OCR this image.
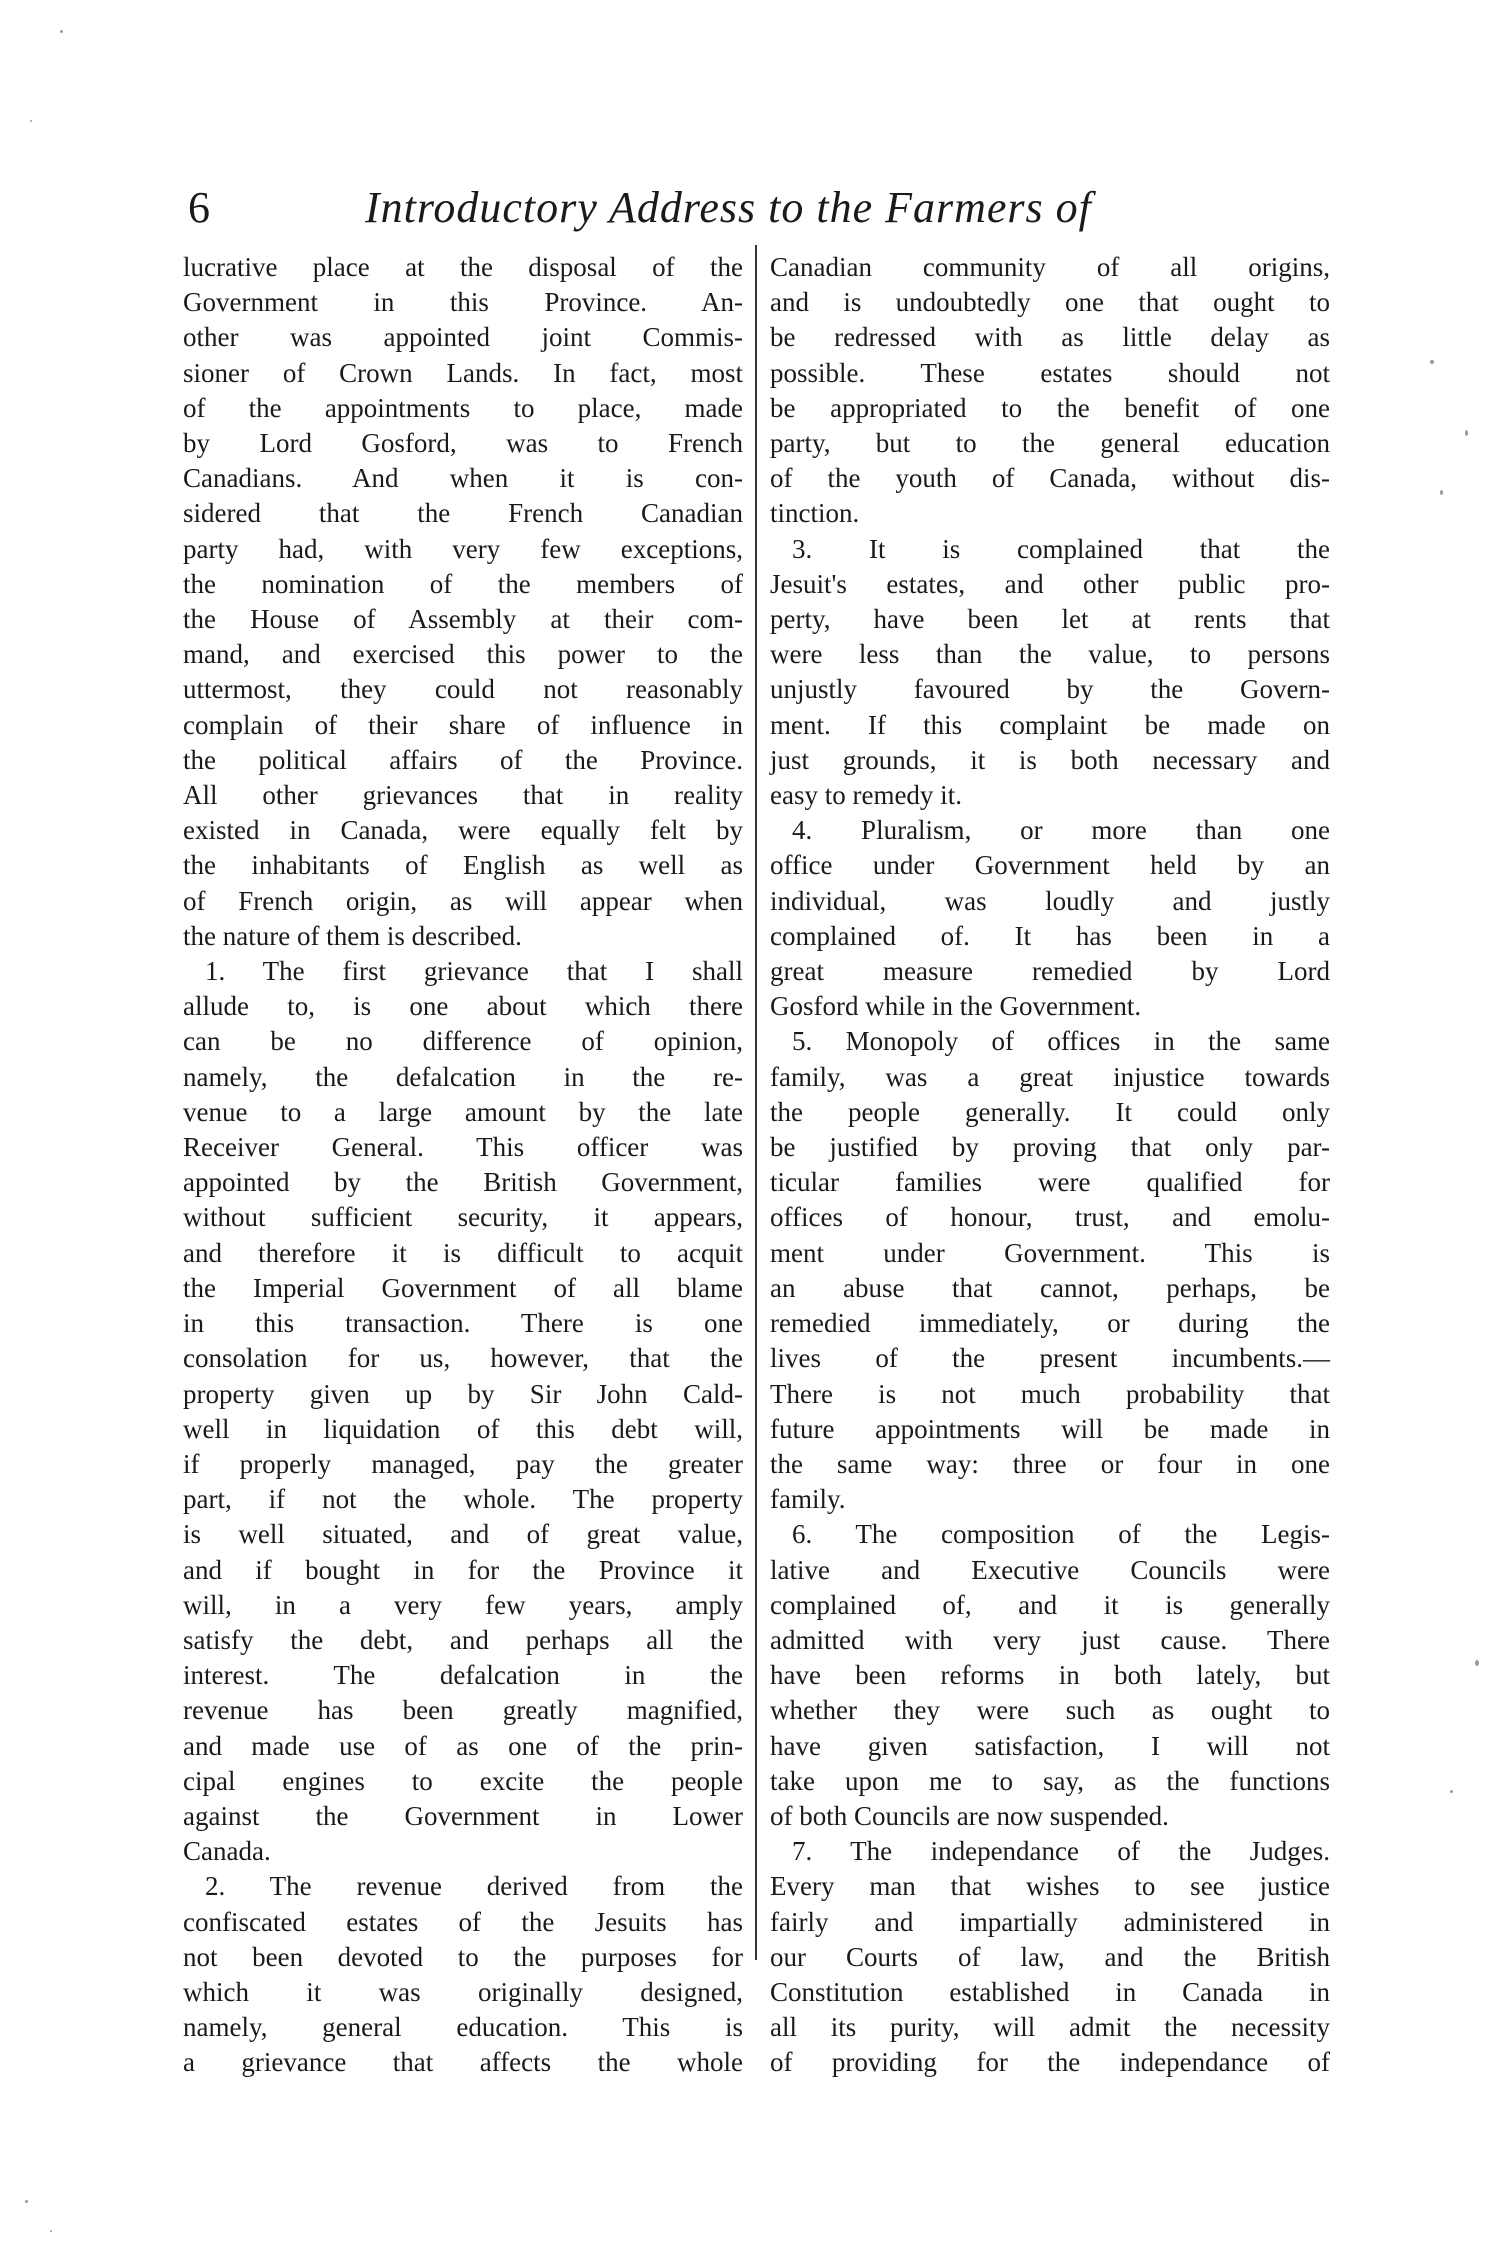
6	Introductory Address to the Farmers of
lucrative place at the disposal of the
Government in this Province. An-
other was appointed joint Commis-
sioner of Crown Lands. In fact, most
of the appointments to place, made
by Lord Gosford, was to French
Canadians. And when it is con-
sidered that the French Canadian
party had, with very few exceptions,
the nomination of the members of
the House of Assembly at their com-
mand, and exercised this power to the
uttermost, they could not reasonably
complain of their share of influence in
the political affairs of the Province.
All other grievances that in reality
existed in Canada, were equally felt by
the inhabitants of English as well as
of French origin, as will appear when
the nature of them is described.
1. The first grievance that I shall
allude to, is one about which there
can be no difference of opinion,
namely, the defalcation in the re-
venue to a large amount by the late
Receiver General. This officer was
appointed by the British Government,
without sufficient security, it appears,
and therefore it is difficult to acquit
the Imperial Government of all blame
in this transaction. There is one
consolation for us, however, that the
property given up by Sir John Cald-
well in liquidation of this debt will,
if properly managed, pay the greater
part, if not the whole. The property
is well situated, and of great value,
and if bought in for the Province it
will, in a very few years, amply
satisfy the debt, and perhaps all the
interest. The defalcation in the
revenue has been greatly magnified,
and made use of as one of the prin-
cipal engines to excite the people
against the Government in Lower
Canada.
2. The revenue derived from the
confiscated estates of the Jesuits has
not been devoted to the purposes for
which it was originally designed,
namely, general education. This is
a grievance that affects the whole
Canadian community of all origins,
and is undoubtedly one that ought to
be redressed with as little delay as
possible. These estates should not
be appropriated to the benefit of one
party, but to the general education
of the youth of Canada, without dis-
tinction.
3. It is complained that the
Jesuit's estates, and other public pro-
perty, have been let at rents that
were less than the value, to persons
unjustly favoured by the Govern-
ment. If this complaint be made on
just grounds, it is both necessary and
easy to remedy it.
4. Pluralism, or more than one
office under Government held by an
individual, was loudly and justly
complained of. It has been in a
great measure remedied by Lord
Gosford while in the Government.
5. Monopoly of offices in the same
family, was a great injustice towards
the people generally. It could only
be justified by proving that only par-
ticular families were qualified for
offices of honour, trust, and emolu-
ment under Government. This is
an abuse that cannot, perhaps, be
remedied immediately, or during the
lives of the present incumbents.—
There is not much probability that
future appointments will be made in
the same way: three or four in one
family.
6. The composition of the Legis-
lative and Executive Councils were
complained of, and it is generally
admitted with very just cause. There
have been reforms in both lately, but
whether they were such as ought to
have given satisfaction, I will not
take upon me to say, as the functions
of both Councils are now suspended.
7. The independance of the Judges.
Every man that wishes to see justice
fairly and impartially administered in
our Courts of law, and the British
Constitution established in Canada in
all its purity, will admit the necessity
of providing for the independance of
